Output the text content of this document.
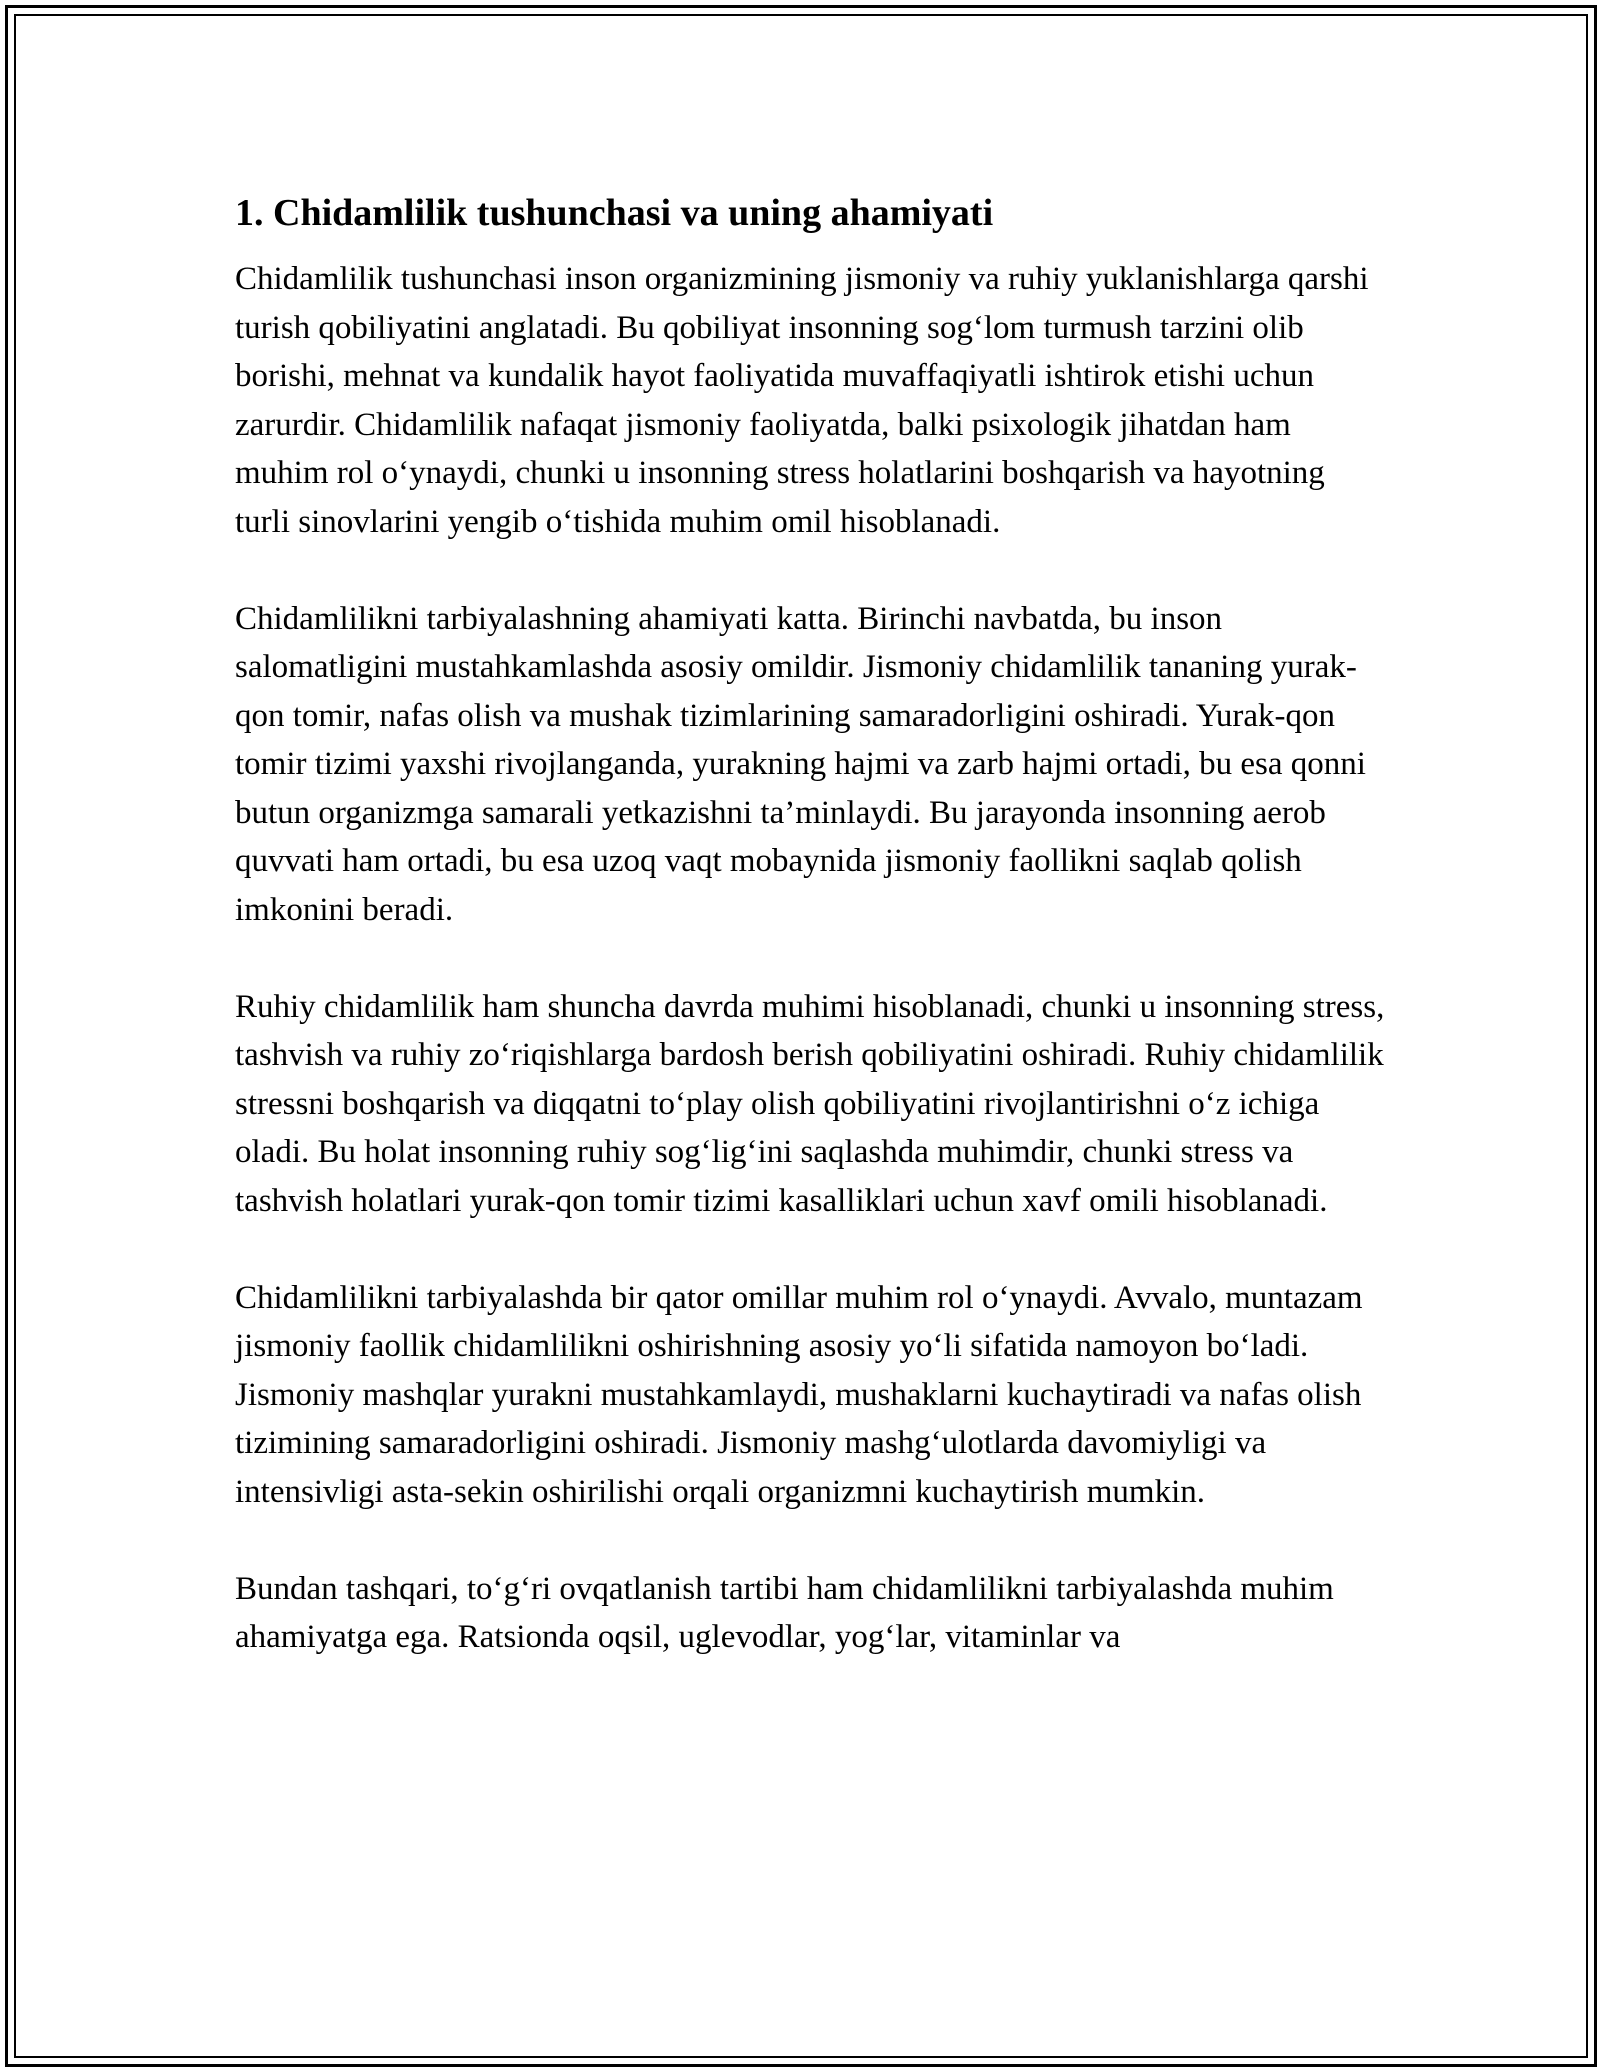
1. Chidamlilik tushunchasi va uning ahamiyati

Chidamlilik tushunchasi inson organizmining jismoniy va ruhiy yuklanishlarga qarshi turish qobiliyatini anglatadi. Bu qobiliyat insonning sog‘lom turmush tarzini olib borishi, mehnat va kundalik hayot faoliyatida muvaffaqiyatli ishtirok etishi uchun zarurdir. Chidamlilik nafaqat jismoniy faoliyatda, balki psixologik jihatdan ham muhim rol o‘ynaydi, chunki u insonning stress holatlarini boshqarish va hayotning turli sinovlarini yengib o‘tishida muhim omil hisoblanadi.

Chidamlilikni tarbiyalashning ahamiyati katta. Birinchi navbatda, bu inson salomatligini mustahkamlashda asosiy omildir. Jismoniy chidamlilik tananing yurak-qon tomir, nafas olish va mushak tizimlarining samaradorligini oshiradi. Yurak-qon tomir tizimi yaxshi rivojlanganda, yurakning hajmi va zarb hajmi ortadi, bu esa qonni butun organizmga samarali yetkazishni ta’minlaydi. Bu jarayonda insonning aerob quvvati ham ortadi, bu esa uzoq vaqt mobaynida jismoniy faollikni saqlab qolish imkonini beradi.

Ruhiy chidamlilik ham shuncha davrda muhimi hisoblanadi, chunki u insonning stress, tashvish va ruhiy zo‘riqishlarga bardosh berish qobiliyatini oshiradi. Ruhiy chidamlilik stressni boshqarish va diqqatni to‘play olish qobiliyatini rivojlantirishni o‘z ichiga oladi. Bu holat insonning ruhiy sog‘lig‘ini saqlashda muhimdir, chunki stress va tashvish holatlari yurak-qon tomir tizimi kasalliklari uchun xavf omili hisoblanadi.

Chidamlilikni tarbiyalashda bir qator omillar muhim rol o‘ynaydi. Avvalo, muntazam jismoniy faollik chidamlilikni oshirishning asosiy yo‘li sifatida namoyon bo‘ladi. Jismoniy mashqlar yurakni mustahkamlaydi, mushaklarni kuchaytiradi va nafas olish tizimining samaradorligini oshiradi. Jismoniy mashg‘ulotlarda davomiyligi va intensivligi asta-sekin oshirilishi orqali organizmni kuchaytirish mumkin.

Bundan tashqari, to‘g‘ri ovqatlanish tartibi ham chidamlilikni tarbiyalashda muhim ahamiyatga ega. Ratsionda oqsil, uglevodlar, yog‘lar, vitaminlar va
